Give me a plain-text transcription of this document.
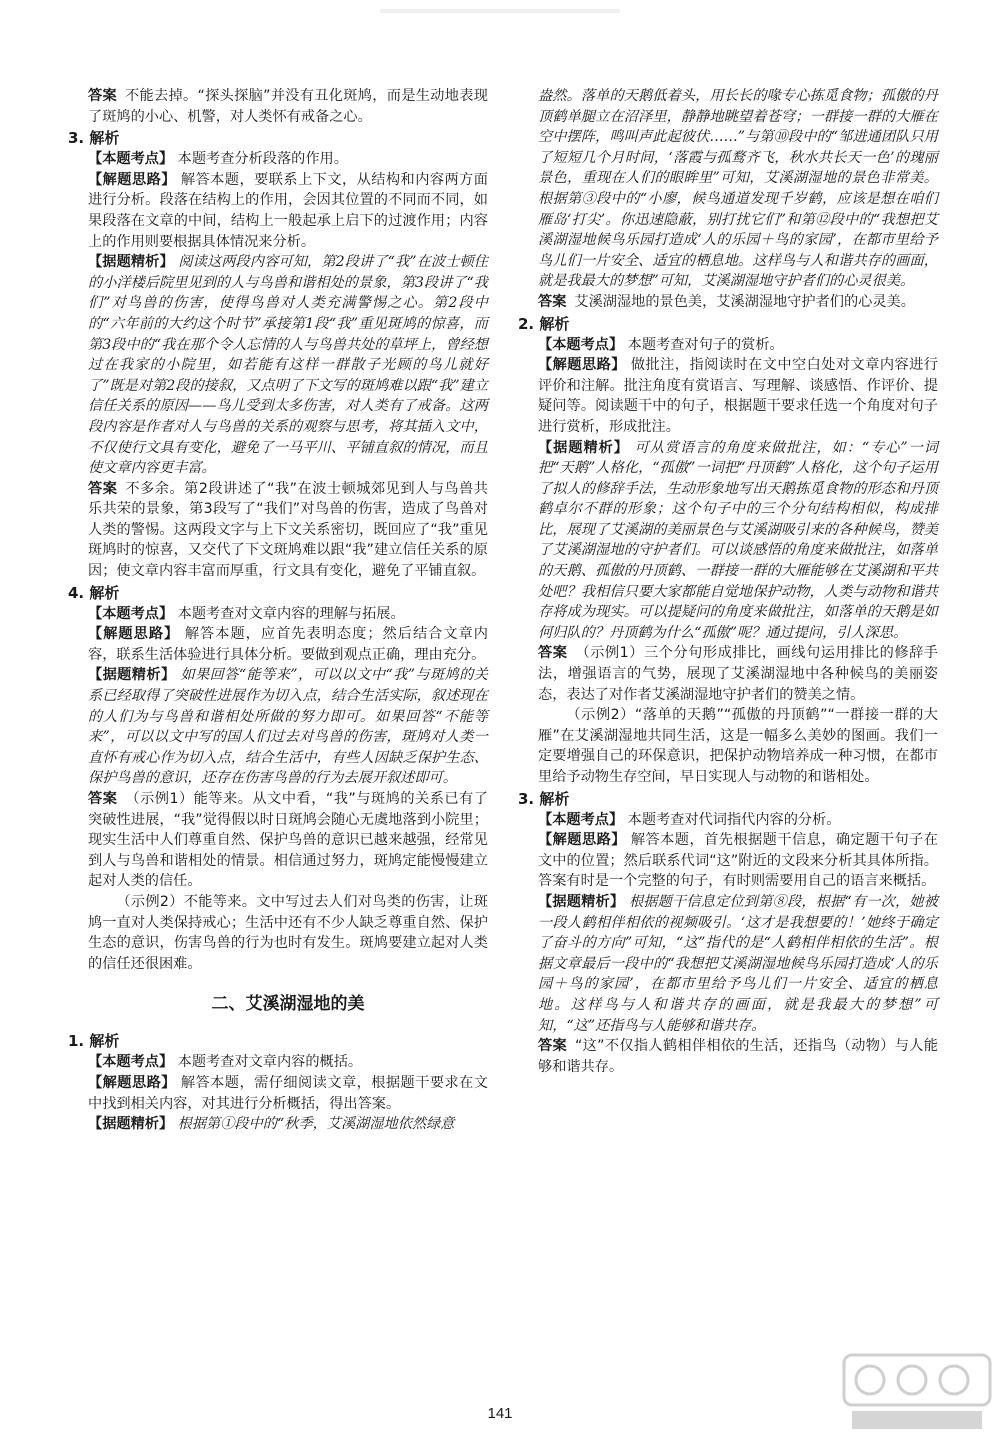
答案 不能去掉。“探头探脑”并没有丑化斑鸠，而是生动地表现了斑鸠的小心、机警，对人类怀有戒备之心。

3. 解析

【本题考点】 本题考查分析段落的作用。

【解题思路】 解答本题，要联系上下文，从结构和内容两方面进行分析。段落在结构上的作用，会因其位置的不同而不同，如果段落在文章的中间，结构上一般起承上启下的过渡作用；内容上的作用则要根据具体情况来分析。

【据题精析】 阅读这两段内容可知，第2段讲了“我”在波士顿住的小洋楼后院里见到的人与鸟兽和谐相处的景象，第3段讲了“我们”对鸟兽的伤害，使得鸟兽对人类充满警惕之心。第2段中的“六年前的大约这个时节”承接第1段“我”重见斑鸠的惊喜，而第3段中的“我在那个令人忘情的人与鸟兽共处的草坪上，曾经想过在我家的小院里，如若能有这样一群散子光顾的鸟儿就好了”既是对第2段的接叙，又点明了下文写的斑鸠难以跟“我”建立信任关系的原因——鸟儿受到太多伤害，对人类有了戒备。这两段内容是作者对人与鸟兽的关系的观察与思考，将其插入文中，不仅使行文具有变化，避免了一马平川、平铺直叙的情况，而且使文章内容更丰富。

答案 不多余。第2段讲述了“我”在波士顿城郊见到人与鸟兽共乐共荣的景象，第3段写了“我们”对鸟兽的伤害，造成了鸟兽对人类的警惕。这两段文字与上下文关系密切，既回应了“我”重见斑鸠时的惊喜，又交代了下文斑鸠难以跟“我”建立信任关系的原因；使文章内容丰富而厚重，行文具有变化，避免了平铺直叙。

4. 解析

【本题考点】 本题考查对文章内容的理解与拓展。

【解题思路】 解答本题，应首先表明态度；然后结合文章内容，联系生活体验进行具体分析。要做到观点正确，理由充分。

【据题精析】 如果回答“能等来”，可以以文中“我”与斑鸠的关系已经取得了突破性进展作为切入点，结合生活实际，叙述现在的人们为与鸟兽和谐相处所做的努力即可。如果回答“不能等来”，可以以文中写的国人们过去对鸟兽的伤害，斑鸠对人类一直怀有戒心作为切入点，结合生活中，有些人因缺乏保护生态、保护鸟兽的意识，还存在伤害鸟兽的行为去展开叙述即可。

答案 （示例1）能等来。从文中看，“我”与斑鸠的关系已有了突破性进展，“我”觉得假以时日斑鸠会随心无虞地落到小院里；现实生活中人们尊重自然、保护鸟兽的意识已越来越强，经常见到人与鸟兽和谐相处的情景。相信通过努力，斑鸠定能慢慢建立起对人类的信任。

（示例2）不能等来。文中写过去人们对鸟类的伤害，让斑鸠一直对人类保持戒心；生活中还有不少人缺乏尊重自然、保护生态的意识，伤害鸟兽的行为也时有发生。斑鸠要建立起对人类的信任还很困难。

二、艾溪湖湿地的美

1. 解析

【本题考点】 本题考查对文章内容的概括。

【解题思路】 解答本题，需仔细阅读文章，根据题干要求在文中找到相关内容，对其进行分析概括，得出答案。

【据题精析】 根据第①段中的“秋季，艾溪湖湿地依然绿意

盎然。落单的天鹅低着头，用长长的喙专心拣觅食物；孤傲的丹顶鹤单腿立在沼泽里，静静地眺望着苍穹；一群接一群的大雁在空中摆阵，鸣叫声此起彼伏……”与第⑩段中的“邹进通团队只用了短短几个月时间，‘落霞与孤鹜齐飞，秋水共长天一色’的瑰丽景色，重现在人们的眼眸里”可知，艾溪湖湿地的景色非常美。根据第③段中的“小廖，候鸟通道发现千岁鹤，应该是想在咱们雁岛‘打尖’。你迅速隐蔽，别打扰它们”和第⑫段中的“我想把艾溪湖湿地候鸟乐园打造成‘人的乐园＋鸟的家园’，在都市里给予鸟儿们一片安全、适宜的栖息地。这样鸟与人和谐共存的画面，就是我最大的梦想”可知，艾溪湖湿地守护者们的心灵很美。

答案 艾溪湖湿地的景色美，艾溪湖湿地守护者们的心灵美。

2. 解析

【本题考点】 本题考查对句子的赏析。

【解题思路】 做批注，指阅读时在文中空白处对文章内容进行评价和注解。批注角度有赏语言、写理解、谈感悟、作评价、提疑问等。阅读题干中的句子，根据题干要求任选一个角度对句子进行赏析，形成批注。

【据题精析】 可从赏语言的角度来做批注，如：“专心”一词把“天鹅”人格化，“孤傲”一词把“丹顶鹤”人格化，这个句子运用了拟人的修辞手法，生动形象地写出天鹅拣觅食物的形态和丹顶鹤卓尔不群的形象；这个句子中的三个分句结构相似，构成排比，展现了艾溪湖的美丽景色与艾溪湖吸引来的各种候鸟，赞美了艾溪湖湿地的守护者们。可以谈感悟的角度来做批注，如落单的天鹅、孤傲的丹顶鹤、一群接一群的大雁能够在艾溪湖和平共处吧？我相信只要大家都能自觉地保护动物，人类与动物和谐共存将成为现实。可以提疑问的角度来做批注，如落单的天鹅是如何归队的？丹顶鹤为什么“孤傲”呢？通过提问，引人深思。

答案 （示例1）三个分句形成排比，画线句运用排比的修辞手法，增强语言的气势，展现了艾溪湖湿地中各种候鸟的美丽姿态，表达了对作者艾溪湖湿地守护者们的赞美之情。

（示例2）“落单的天鹅”“孤傲的丹顶鹤”“一群接一群的大雁”在艾溪湖湿地共同生活，这是一幅多么美妙的图画。我们一定要增强自己的环保意识，把保护动物培养成一种习惯，在都市里给予动物生存空间，早日实现人与动物的和谐相处。

3. 解析

【本题考点】 本题考查对代词指代内容的分析。

【解题思路】 解答本题，首先根据题干信息，确定题干句子在文中的位置；然后联系代词“这”附近的文段来分析其具体所指。答案有时是一个完整的句子，有时则需要用自己的语言来概括。

【据题精析】 根据题干信息定位到第⑧段，根据“有一次，她被一段人鹤相伴相依的视频吸引。‘这才是我想要的！’她终于确定了奋斗的方向”可知，“这”指代的是“人鹤相伴相依的生活”。根据文章最后一段中的“我想把艾溪湖湿地候鸟乐园打造成‘人的乐园＋鸟的家园’，在都市里给予鸟儿们一片安全、适宜的栖息地。这样鸟与人和谐共存的画面，就是我最大的梦想”可知，“这”还指鸟与人能够和谐共存。

答案 “这”不仅指人鹤相伴相依的生活，还指鸟（动物）与人能够和谐共存。

141
